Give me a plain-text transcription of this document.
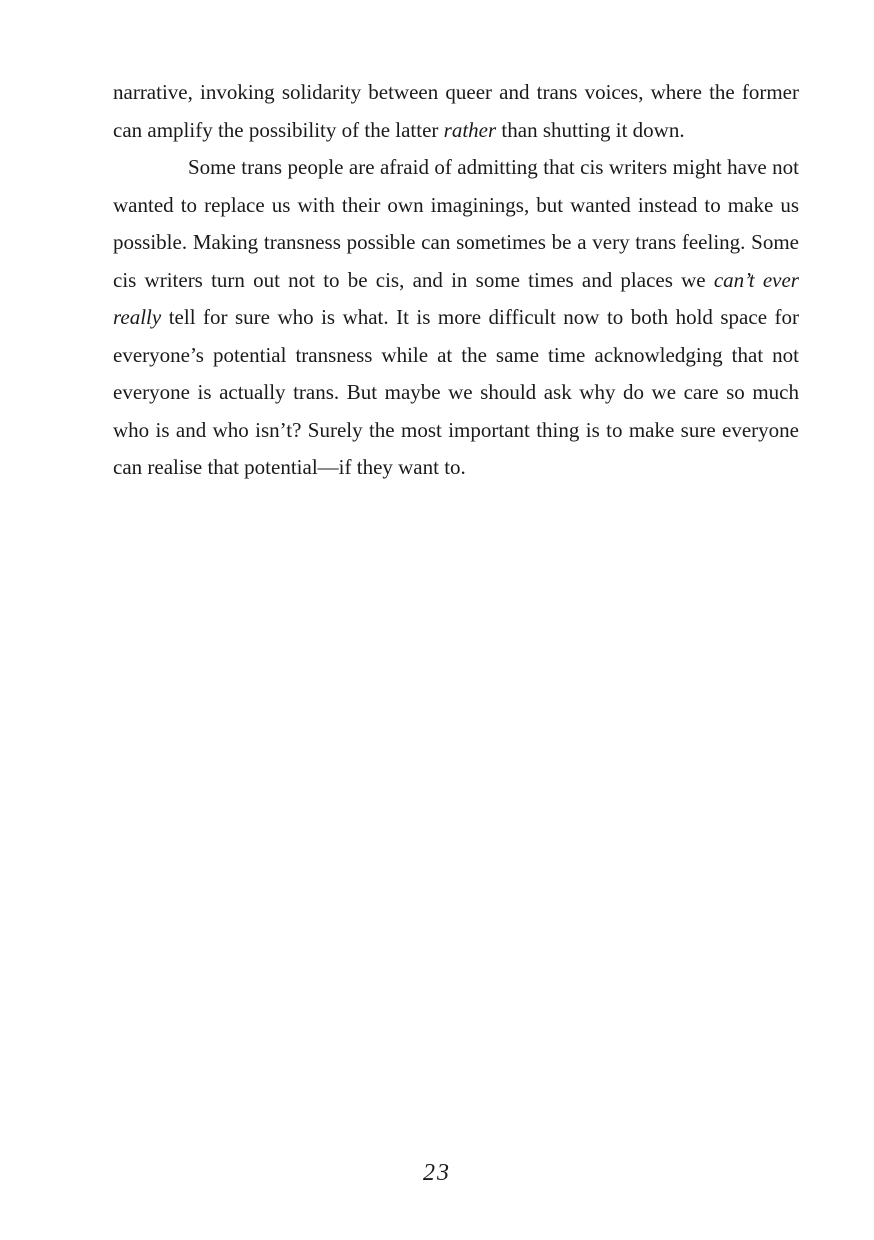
narrative, invoking solidarity between queer and trans voices, where the former can amplify the possibility of the latter rather than shutting it down.

Some trans people are afraid of admitting that cis writers might have not wanted to replace us with their own imaginings, but wanted instead to make us possible. Making transness possible can sometimes be a very trans feeling. Some cis writers turn out not to be cis, and in some times and places we can’t ever really tell for sure who is what. It is more difficult now to both hold space for everyone’s potential transness while at the same time acknowledging that not everyone is actually trans. But maybe we should ask why do we care so much who is and who isn’t? Surely the most important thing is to make sure everyone can realise that potential—if they want to.

23
